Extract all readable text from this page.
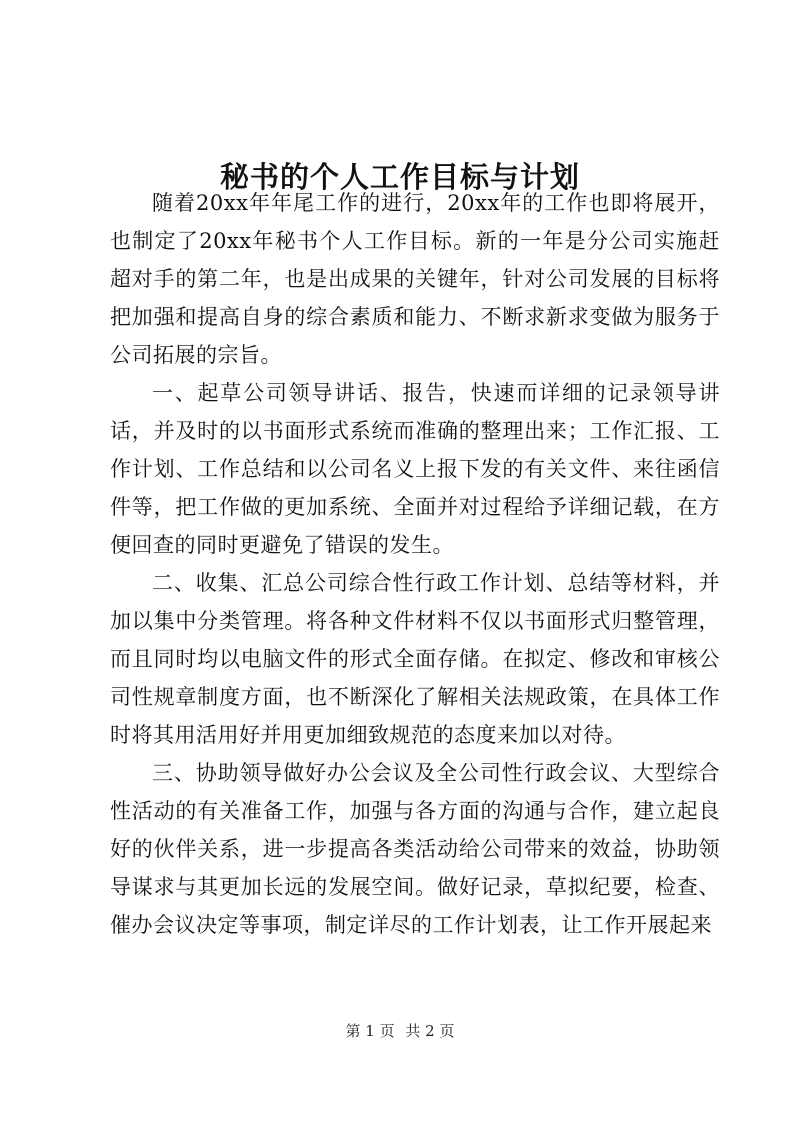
秘书的个人工作目标与计划

随着20xx年年尾工作的进行，20xx年的工作也即将展开，也制定了20xx年秘书个人工作目标。新的一年是分公司实施赶超对手的第二年，也是出成果的关键年，针对公司发展的目标将把加强和提高自身的综合素质和能力、不断求新求变做为服务于公司拓展的宗旨。

一、起草公司领导讲话、报告，快速而详细的记录领导讲话，并及时的以书面形式系统而准确的整理出来；工作汇报、工作计划、工作总结和以公司名义上报下发的有关文件、来往函信件等，把工作做的更加系统、全面并对过程给予详细记载，在方便回查的同时更避免了错误的发生。

二、收集、汇总公司综合性行政工作计划、总结等材料，并加以集中分类管理。将各种文件材料不仅以书面形式归整管理，而且同时均以电脑文件的形式全面存储。在拟定、修改和审核公司性规章制度方面，也不断深化了解相关法规政策，在具体工作时将其用活用好并用更加细致规范的态度来加以对待。

三、协助领导做好办公会议及全公司性行政会议、大型综合性活动的有关准备工作，加强与各方面的沟通与合作，建立起良好的伙伴关系，进一步提高各类活动给公司带来的效益，协助领导谋求与其更加长远的发展空间。做好记录，草拟纪要，检查、催办会议决定等事项，制定详尽的工作计划表，让工作开展起来

第 1 页 共 2 页
